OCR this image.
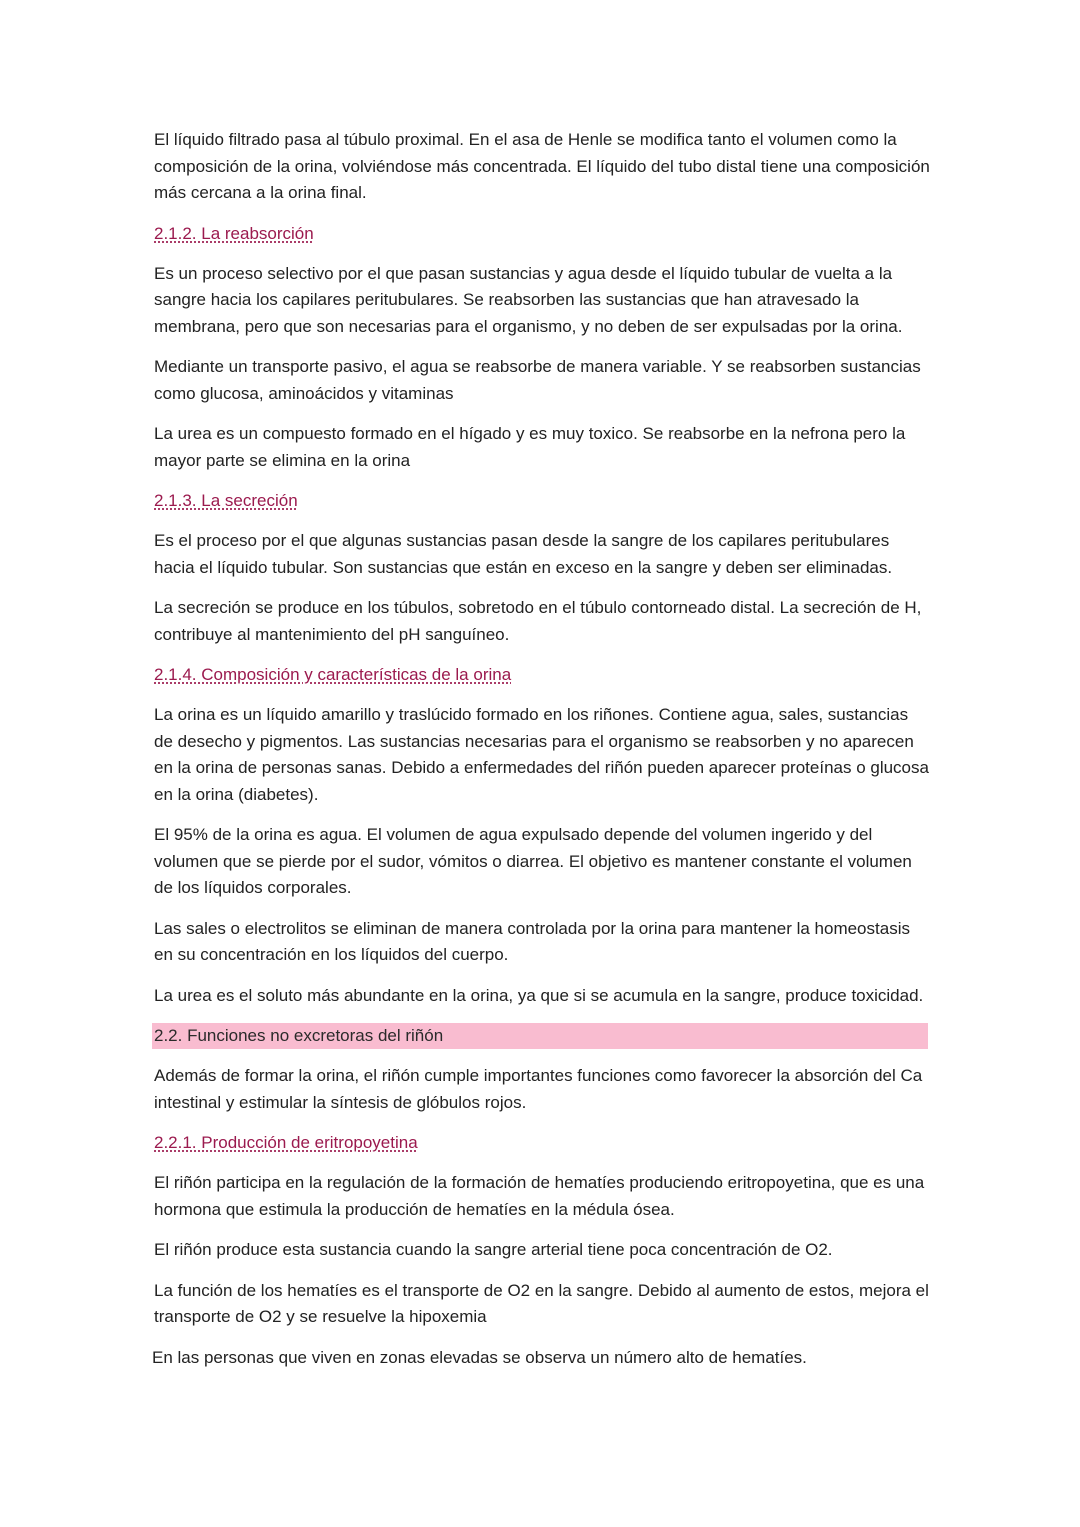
El líquido filtrado pasa al túbulo proximal. En el asa de Henle se modifica tanto el volumen como la composición de la orina, volviéndose más concentrada. El líquido del tubo distal tiene una composición más cercana a la orina final.

2.1.2. La reabsorción

Es un proceso selectivo por el que pasan sustancias y agua desde el líquido tubular de vuelta a la sangre hacia los capilares peritubulares. Se reabsorben las sustancias que han atravesado la membrana, pero que son necesarias para el organismo, y no deben de ser expulsadas por la orina.

Mediante un transporte pasivo, el agua se reabsorbe de manera variable. Y se reabsorben sustancias como glucosa, aminoácidos y vitaminas

La urea es un compuesto formado en el hígado y es muy toxico. Se reabsorbe en la nefrona pero la mayor parte se elimina en la orina

2.1.3. La secreción

Es el proceso por el que algunas sustancias pasan desde la sangre de los capilares peritubulares hacia el líquido tubular. Son sustancias que están en exceso en la sangre y deben ser eliminadas.

La secreción se produce en los túbulos, sobretodo en el túbulo contorneado distal. La secreción de H, contribuye al mantenimiento del pH sanguíneo.

2.1.4. Composición y características de la orina

La orina es un líquido amarillo y traslúcido formado en los riñones. Contiene agua, sales, sustancias de desecho y pigmentos. Las sustancias necesarias para el organismo se reabsorben y no aparecen en la orina de personas sanas. Debido a enfermedades del riñón pueden aparecer proteínas o glucosa en la orina (diabetes).

El 95% de la orina es agua. El volumen de agua expulsado depende del volumen ingerido y del volumen que se pierde por el sudor, vómitos o diarrea. El objetivo es mantener constante el volumen de los líquidos corporales.

Las sales o electrolitos se eliminan de manera controlada por la orina para mantener la homeostasis en su concentración en los líquidos del cuerpo.

La urea es el soluto más abundante en la orina, ya que si se acumula en la sangre, produce toxicidad.

2.2. Funciones no excretoras del riñón

Además de formar la orina, el riñón cumple importantes funciones como favorecer la absorción del Ca intestinal y estimular la síntesis de glóbulos rojos.

2.2.1. Producción de eritropoyetina

El riñón participa en la regulación de la formación de hematíes produciendo eritropoyetina, que es una hormona que estimula la producción de hematíes en la médula ósea.

El riñón produce esta sustancia cuando la sangre arterial tiene poca concentración de O2.

La función de los hematíes es el transporte de O2 en la sangre. Debido al aumento de estos, mejora el transporte de O2 y se resuelve la hipoxemia

En las personas que viven en zonas elevadas se observa un número alto de hematíes.
